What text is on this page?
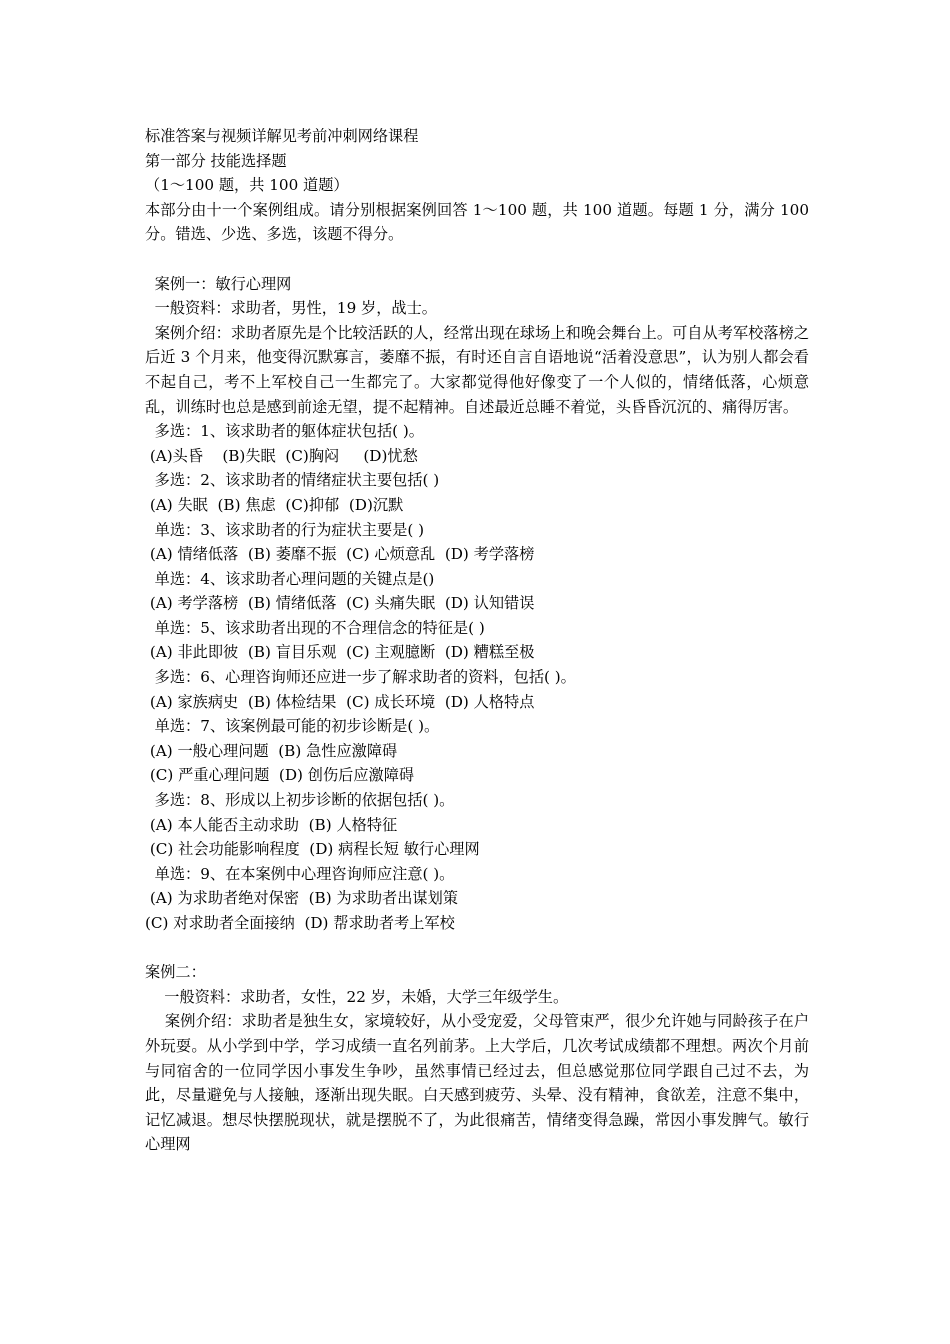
标准答案与视频详解见考前冲刺网络课程
第一部分 技能选择题
（1～100 题，共 100 道题）
本部分由十一个案例组成。请分别根据案例回答 1～100 题，共 100 道题。每题 1 分，满分 100 分。错选、少选、多选，该题不得分。
案例一：敏行心理网
一般资料：求助者，男性，19 岁，战士。
案例介绍：求助者原先是个比较活跃的人，经常出现在球场上和晚会舞台上。可自从考军校落榜之后近 3 个月来，他变得沉默寡言，萎靡不振，有时还自言自语地说“活着没意思”，认为别人都会看不起自己，考不上军校自己一生都完了。大家都觉得他好像变了一个人似的，情绪低落，心烦意乱，训练时也总是感到前途无望，提不起精神。自述最近总睡不着觉，头昏昏沉沉的、痛得厉害。
多选：1、该求助者的躯体症状包括( )。
(A)头昏    (B)失眠  (C)胸闷     (D)忧愁
多选：2、该求助者的情绪症状主要包括( )
(A) 失眠  (B) 焦虑  (C)抑郁  (D)沉默
单选：3、该求助者的行为症状主要是( )
(A) 情绪低落  (B) 萎靡不振  (C) 心烦意乱  (D) 考学落榜
单选：4、该求助者心理问题的关键点是()
(A) 考学落榜  (B) 情绪低落  (C) 头痛失眠  (D) 认知错误
单选：5、该求助者出现的不合理信念的特征是( )
(A) 非此即彼  (B) 盲目乐观  (C) 主观臆断  (D) 糟糕至极
多选：6、心理咨询师还应进一步了解求助者的资料，包括( )。
(A) 家族病史  (B) 体检结果  (C) 成长环境  (D) 人格特点
单选：7、该案例最可能的初步诊断是( )。
(A) 一般心理问题  (B) 急性应激障碍
(C) 严重心理问题  (D) 创伤后应激障碍
多选：8、形成以上初步诊断的依据包括( )。
(A) 本人能否主动求助  (B) 人格特征
(C) 社会功能影响程度  (D) 病程长短 敏行心理网
单选：9、在本案例中心理咨询师应注意( )。
(A) 为求助者绝对保密  (B) 为求助者出谋划策
(C) 对求助者全面接纳  (D) 帮求助者考上军校
案例二：
一般资料：求助者，女性，22 岁，未婚，大学三年级学生。
案例介绍：求助者是独生女，家境较好，从小受宠爱，父母管束严，很少允许她与同龄孩子在户外玩耍。从小学到中学，学习成绩一直名列前茅。上大学后，几次考试成绩都不理想。两次个月前与同宿舍的一位同学因小事发生争吵，虽然事情已经过去，但总感觉那位同学跟自己过不去，为此，尽量避免与人接触，逐渐出现失眠。白天感到疲劳、头晕、没有精神，食欲差，注意不集中，记忆减退。想尽快摆脱现状，就是摆脱不了，为此很痛苦，情绪变得急躁，常因小事发脾气。敏行心理网
